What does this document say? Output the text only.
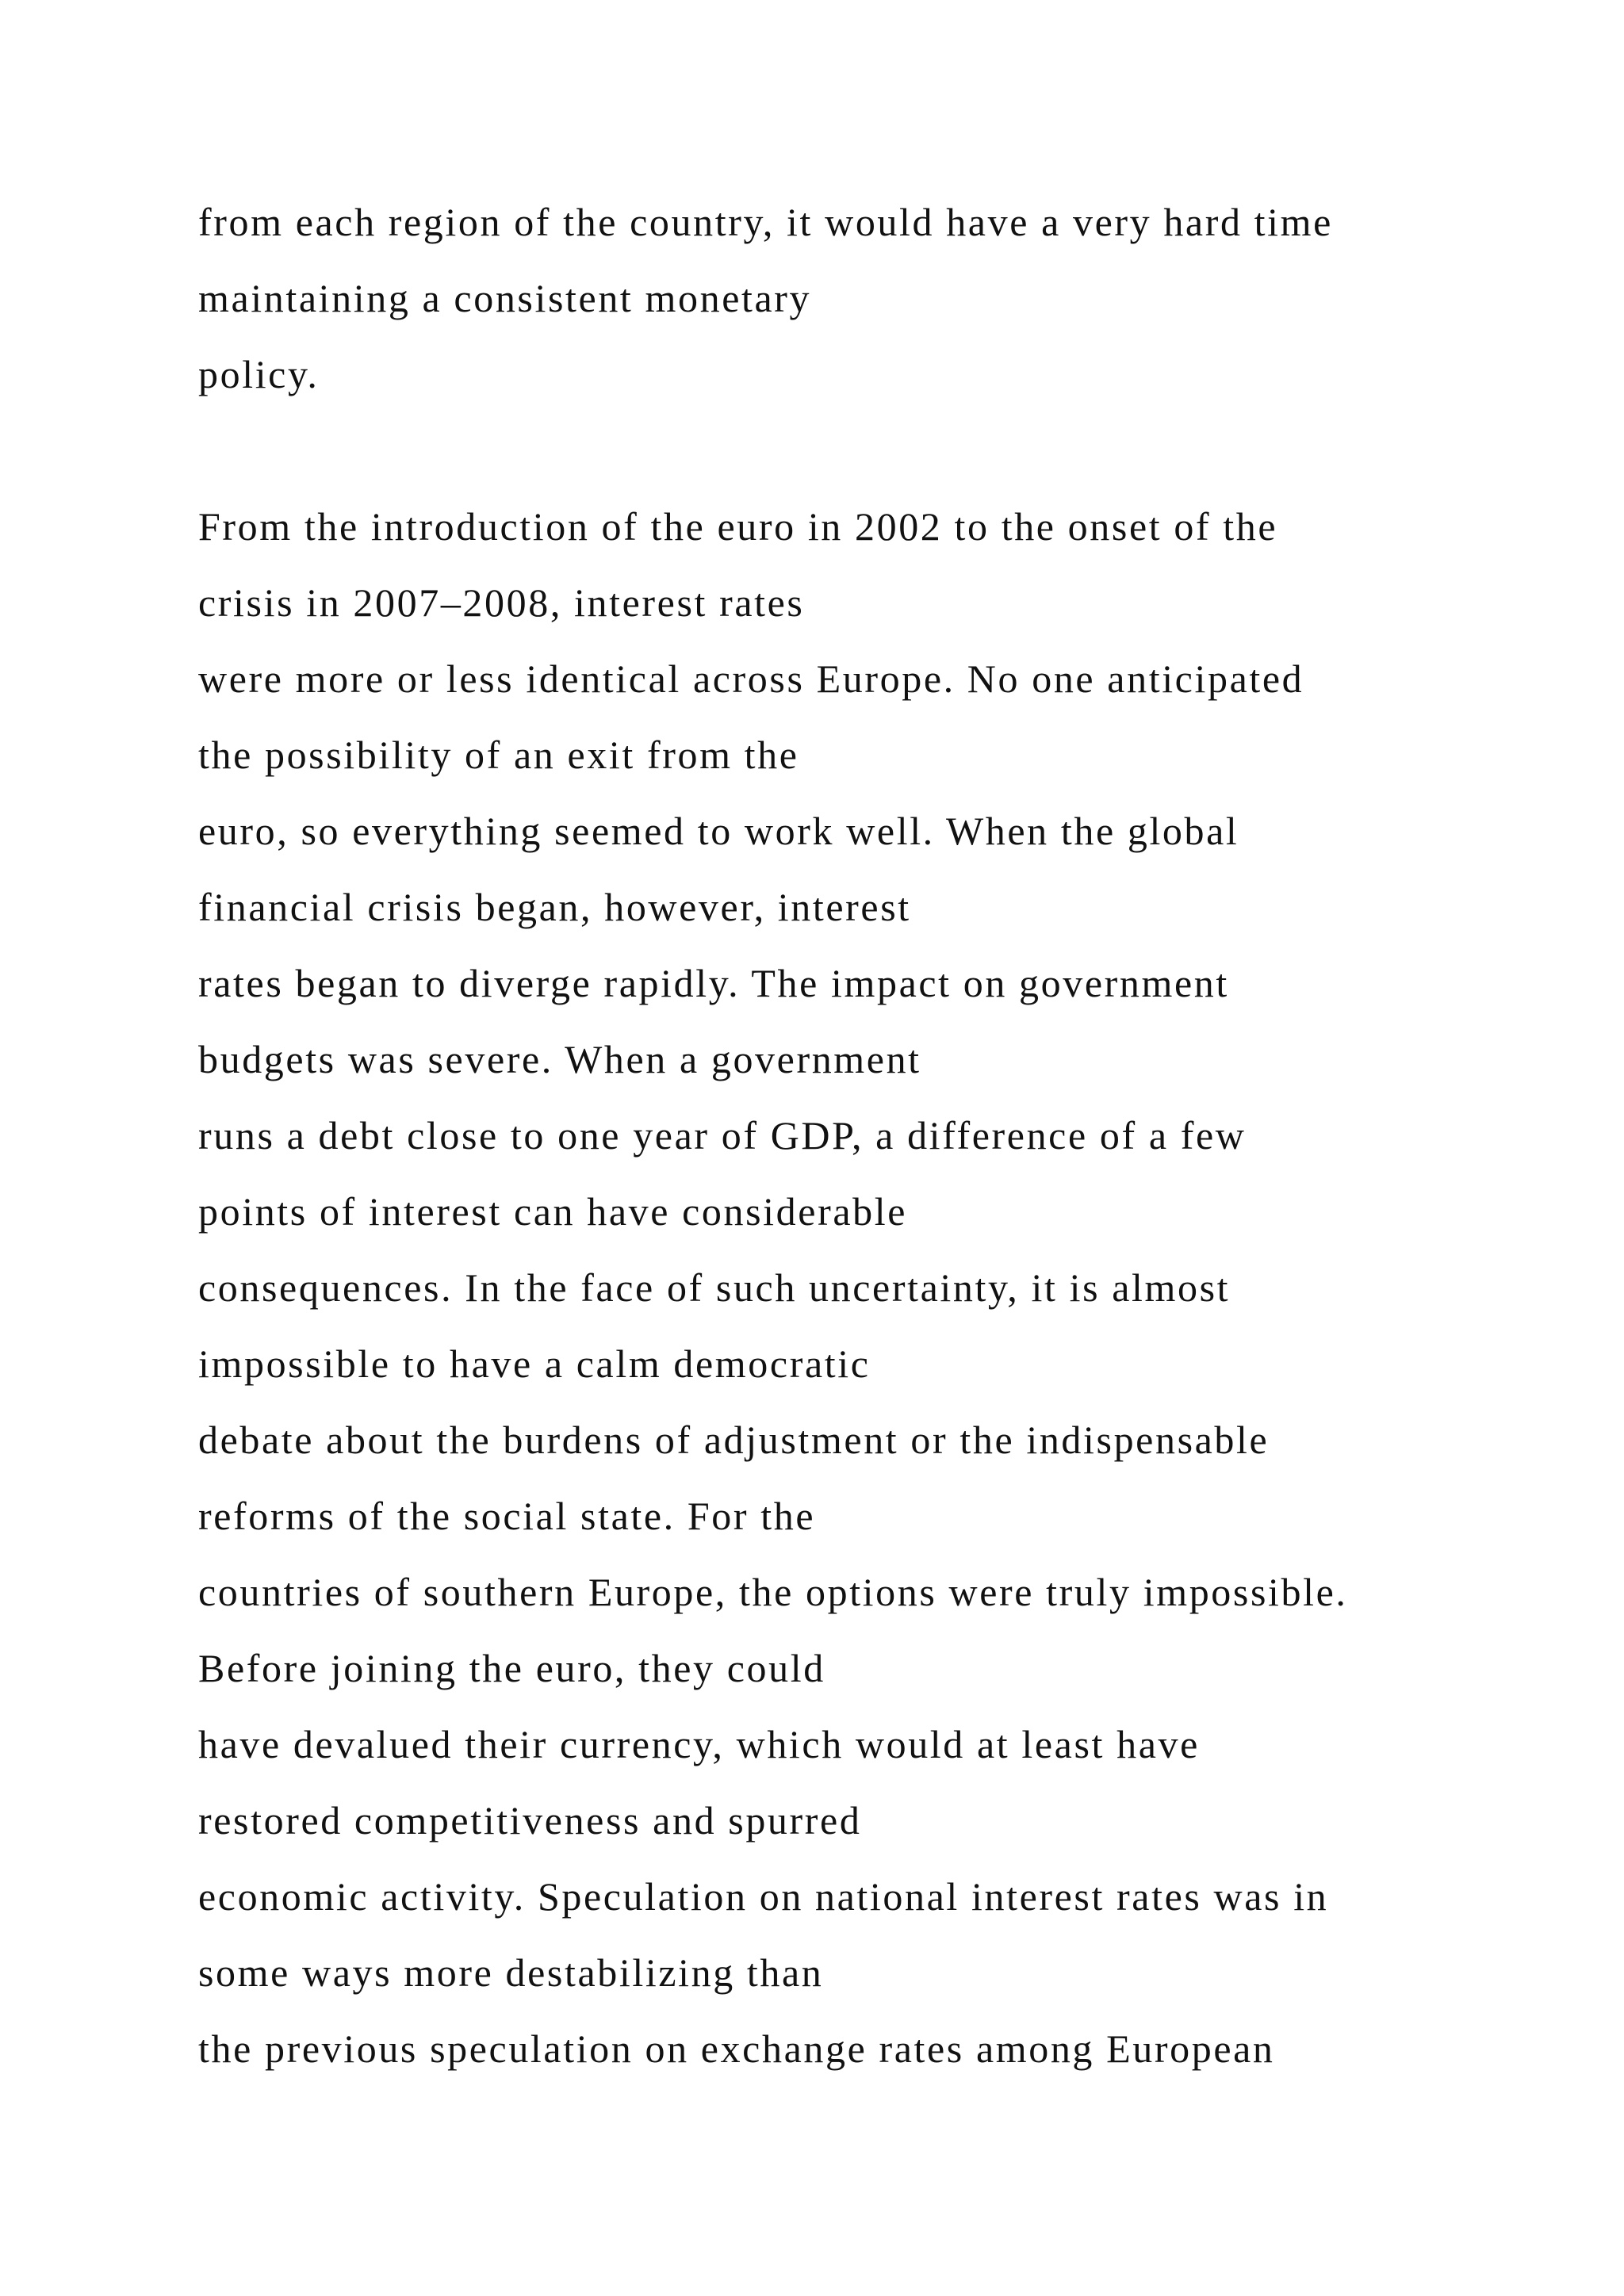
from each region of the country, it would have a very hard time
maintaining a consistent monetary
policy.
From the introduction of the euro in 2002 to the onset of the
crisis in 2007–2008, interest rates
were more or less identical across Europe. No one anticipated
the possibility of an exit from the
euro, so everything seemed to work well. When the global
financial crisis began, however, interest
rates began to diverge rapidly. The impact on government
budgets was severe. When a government
runs a debt close to one year of GDP, a difference of a few
points of interest can have considerable
consequences. In the face of such uncertainty, it is almost
impossible to have a calm democratic
debate about the burdens of adjustment or the indispensable
reforms of the social state. For the
countries of southern Europe, the options were truly impossible.
Before joining the euro, they could
have devalued their currency, which would at least have
restored competitiveness and spurred
economic activity. Speculation on national interest rates was in
some ways more destabilizing than
the previous speculation on exchange rates among European
